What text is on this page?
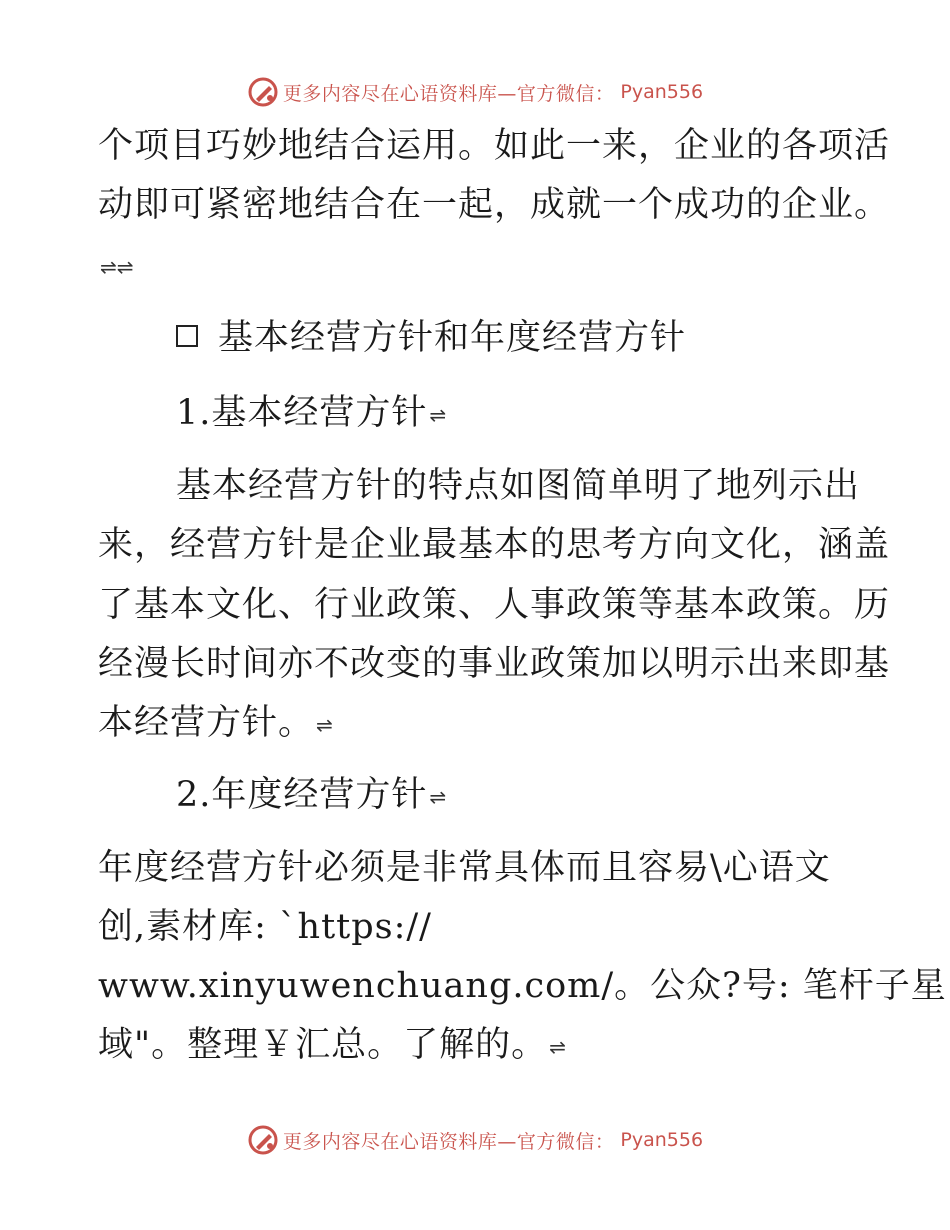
更多内容尽在心语资料库—官方微信： Pyan556
个项目巧妙地结合运用。如此一来，企业的各项活
动即可紧密地结合在一起，成就一个成功的企业。
⇌ ⇌
基本经营方针和年度经营方针
1.基本经营方针 ⇌
基本经营方针的特点如图简单明了地列示出
来，经营方针是企业最基本的思考方向文化，涵盖
了基本文化、行业政策、人事政策等基本政策。历
经漫长时间亦不改变的事业政策加以明示出来即基
本经营方针。 ⇌
2.年度经营方针 ⇌
年度经营方针必须是非常具体而且容易\心语文
创,素材库: `https://
www.xinyuwenchuang.com/。公众?号: 笔杆子星
域"。整理￥汇总。了解的。 ⇌
更多内容尽在心语资料库—官方微信： Pyan556
